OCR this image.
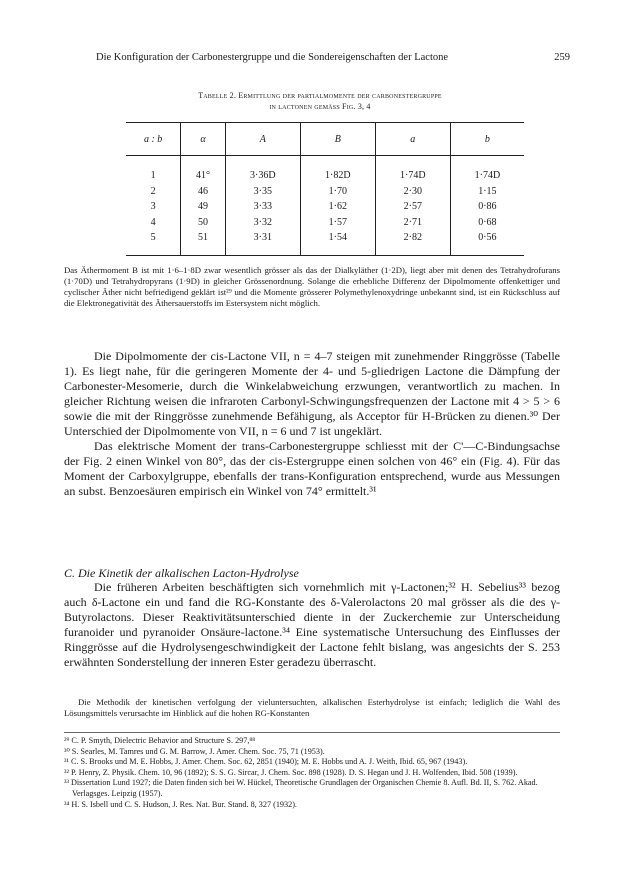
Die Konfiguration der Carbonestergruppe und die Sondereigenschaften der Lactone	259
Tabelle 2. Ermittlung der partialmomente der carbonestergruppe
in lactonen gemäss Fig. 3, 4
a : b	α	A	B	a	b

1	41°	3·36D	1·82D	1·74D	1·74D
2	46	3·35	1·70	2·30	1·15
3	49	3·33	1·62	2·57	0·86
4	50	3·32	1·57	2·71	0·68
5	51	3·31	1·54	2·82	0·56
Das Äthermoment B ist mit 1·6–1·8D zwar wesentlich grösser als das der Dialkyläther (1·2D), liegt aber mit denen des Tetrahydrofurans (1·70D) und Tetrahydropyrans (1·9D) in gleicher Grössenordnung. Solange die erhebliche Differenz der Dipolmomente offenkettiger und cyclischer Äther nicht befriedigend geklärt ist²⁹ und die Momente grösserer Polymethylenoxydringe unbekannt sind, ist ein Rückschluss auf die Elektronegativität des Äthersauerstoffs im Estersystem nicht möglich.

Die Dipolmomente der cis-Lactone VII, n = 4–7 steigen mit zunehmender Ringgrösse (Tabelle 1). Es liegt nahe, für die geringeren Momente der 4- und 5-gliedrigen Lactone die Dämpfung der Carbonester-Mesomerie, durch die Winkelabweichung erzwungen, verantwortlich zu machen. In gleicher Richtung weisen die infraroten Carbonyl-Schwingungsfrequenzen der Lactone mit 4 > 5 > 6 sowie die mit der Ringgrösse zunehmende Befähigung, als Acceptor für H-Brücken zu dienen.³⁰ Der Unterschied der Dipolmomente von VII, n = 6 und 7 ist ungeklärt.

Das elektrische Moment der trans-Carbonestergruppe schliesst mit der C'—C-Bindungsachse der Fig. 2 einen Winkel von 80°, das der cis-Estergruppe einen solchen von 46° ein (Fig. 4). Für das Moment der Carboxylgruppe, ebenfalls der trans-Konfiguration entsprechend, wurde aus Messungen an subst. Benzoesäuren empirisch ein Winkel von 74° ermittelt.³¹

C. Die Kinetik der alkalischen Lacton-Hydrolyse

Die früheren Arbeiten beschäftigten sich vornehmlich mit γ-Lactonen;³² H. Sebelius³³ bezog auch δ-Lactone ein und fand die RG-Konstante des δ-Valerolactons 20 mal grösser als die des γ-Butyrolactons. Dieser Reaktivitätsunterschied diente in der Zuckerchemie zur Unterscheidung furanoider und pyranoider Onsäure-lactone.³⁴ Eine systematische Untersuchung des Einflusses der Ringgrösse auf die Hydrolysengeschwindigkeit der Lactone fehlt bislang, was angesichts der S. 253 erwähnten Sonderstellung der inneren Ester geradezu überrascht.

Die Methodik der kinetischen verfolgung der vieluntersuchten, alkalischen Esterhydrolyse ist einfach; lediglich die Wahl des Lösungsmittels verursachte im Hinblick auf die hohen RG-Konstanten

²⁹ C. P. Smyth, Dielectric Behavior and Structure S. 297,⁸⁸
³⁰ S. Searles, M. Tamres und G. M. Barrow, J. Amer. Chem. Soc. 75, 71 (1953).
³¹ C. S. Brooks und M. E. Hobbs, J. Amer. Chem. Soc. 62, 2851 (1940); M. E. Hobbs und A. J. Weith, Ibid. 65, 967 (1943).
³² P. Henry, Z. Physik. Chem. 10, 96 (1892); S. S. G. Sircar, J. Chem. Soc. 898 (1928). D. S. Hegan und J. H. Wolfenden, Ibid. 508 (1939).
³³ Dissertation Lund 1927; die Daten finden sich bei W. Hückel, Theoretische Grundlagen der Organischen Chemie 8. Aufl. Bd. II, S. 762. Akad. Verlagsges. Leipzig (1957).
³⁴ H. S. Isbell und C. S. Hudson, J. Res. Nat. Bur. Stand. 8, 327 (1932).
